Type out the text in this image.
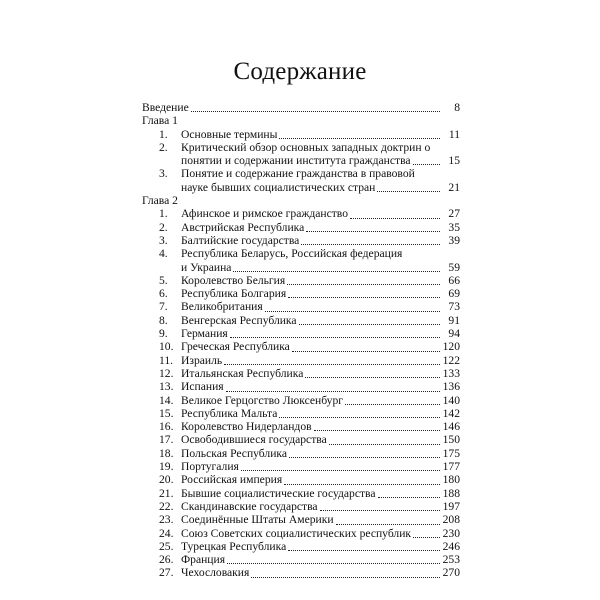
Содержание
Введение	8
Глава 1
1.	Основные термины	11
2.	Критический обзор основных западных доктрин о
понятии и содержании института гражданства	15
3.	Понятие и содержание гражданства в правовой
науке бывших социалистических стран	21
Глава 2
1.	Афинское и римское гражданство	27
2.	Австрийская Республика	35
3.	Балтийские государства	39
4.	Республика Беларусь, Российская федерация
и Украина	59
5.	Королевство Бельгия	66
6.	Республика Болгария	69
7.	Великобритания	73
8.	Венгерская Республика	91
9.	Германия	94
10. Греческая Республика	120
11. Израиль	122
12. Итальянская Республика	133
13. Испания	136
14. Великое Герцогство Люксенбург	140
15. Республика Мальта	142
16. Королевство Нидерландов	146
17. Освободившиеся государства	150
18. Польская Республика	175
19. Португалия	177
20. Российская империя	180
21. Бывшие социалистические государства	188
22. Скандинавские государства	197
23. Соединённые Штаты Америки	208
24. Союз Советских социалистических республик	230
25. Турецкая Республика	246
26. Франция	253
27. Чехословакия	270
